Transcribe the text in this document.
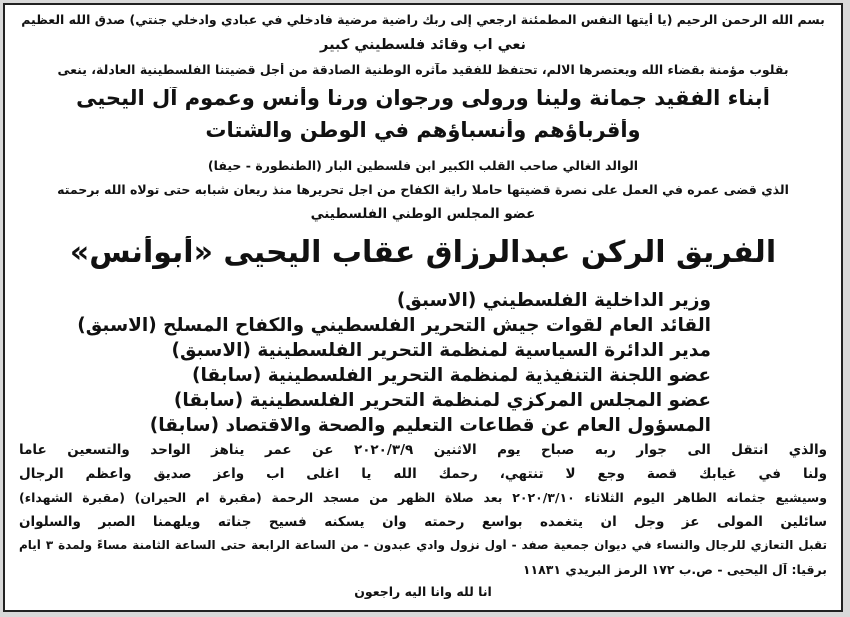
بسم الله الرحمن الرحيم (يا أيتها النفس المطمئنة ارجعي إلى ربك راضية مرضية فادخلي في عبادي وادخلي جنتي) صدق الله العظيم
نعي أب وقائد فلسطيني كبير
بقلوب مؤمنة بقضاء الله ويعتصرها الالم، تحتفظ للفقيد مآثره الوطنية الصادقة من أجل قضيتنا الفلسطينية العادلة، ينعى
أبناء الفقيد جمانة ولينا ورولى ورجوان ورنا وأنس وعموم آل اليحيى
وأقرباؤهم وأنسباؤهم في الوطن والشتات
الوالد الغالي صاحب القلب الكبير ابن فلسطين البار (الطنطورة - حيفا)
الذي قضى عمره في العمل على نصرة قضيتها حاملا راية الكفاح من اجل تحريرها منذ ريعان شبابه حتى تولاه الله برحمته
عضو المجلس الوطني الفلسطيني
الفريق الركن عبدالرزاق عقاب اليحيى «أبوأنس»
وزير الداخلية الفلسطيني (الاسبق)
القائد العام لقوات جيش التحرير الفلسطيني والكفاح المسلح (الاسبق)
مدير الدائرة السياسية لمنظمة التحرير الفلسطينية (الاسبق)
عضو اللجنة التنفيذية لمنظمة التحرير الفلسطينية (سابقا)
عضو المجلس المركزي لمنظمة التحرير الفلسطينية (سابقا)
المسؤول العام عن قطاعات التعليم والصحة والاقتصاد (سابقا)
والذي انتقل الى جوار ربه صباح يوم الاثنين ٢٠٢٠/٣/٩ عن عمر يناهز الواحد والتسعين عاما
ولنا في غيابك قصة وجع لا تنتهي، رحمك الله يا اغلى أب وأعز صديق وأعظم الرجال
وسيشيع جثمانه الطاهر اليوم الثلاثاء ٢٠٢٠/٣/١٠ بعد صلاة الظهر من مسجد الرحمة (مقبرة ام الحيران) (مقبرة الشهداء)
سائلين المولى عز وجل ان يتغمده بواسع رحمته وان يسكنه فسيح جناته ويلهمنا الصبر والسلوان
تقبل التعازي للرجال والنساء في ديوان جمعية صفد - أول نزول وادي عبدون - من الساعة الرابعة حتى الساعة الثامنة مساءً ولمدة ٣ أيام
برقيا: آل اليحيى - ص.ب ١٧٢ الرمز البريدي ١١٨٣١
انا لله وانا اليه راجعون
